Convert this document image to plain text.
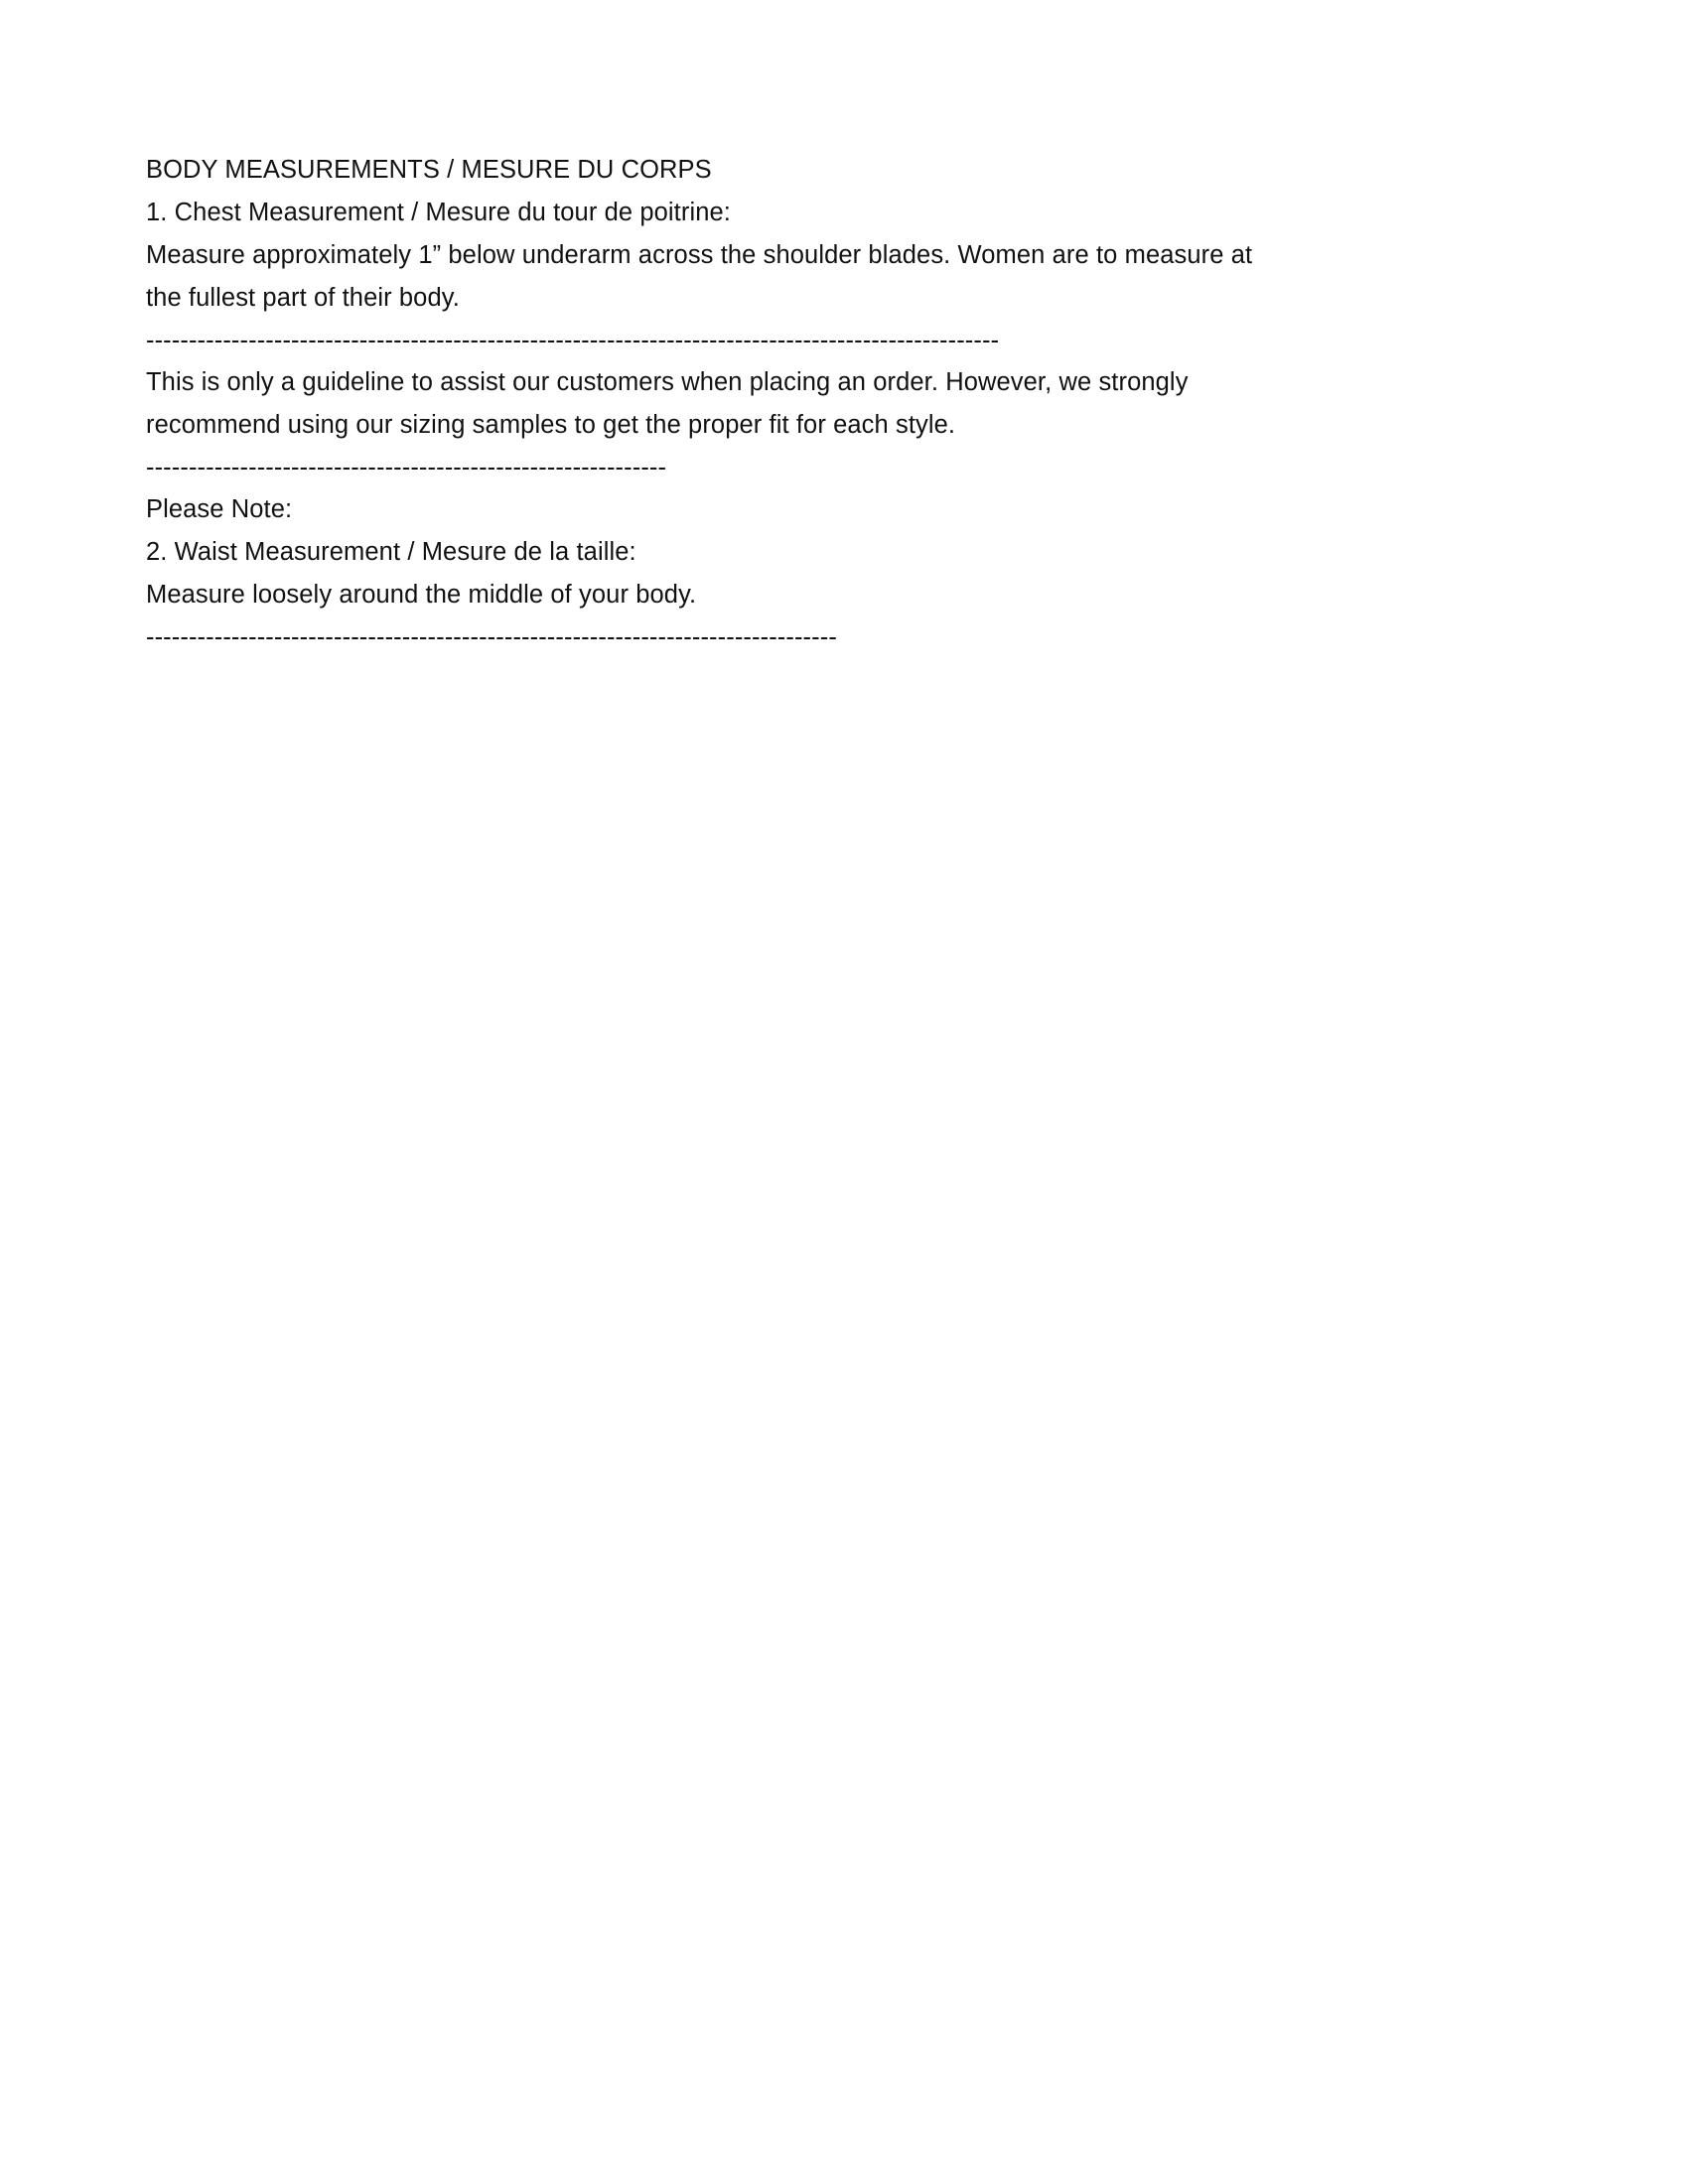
BODY MEASUREMENTS / MESURE DU CORPS
1. Chest Measurement / Mesure du tour de poitrine:
Measure approximately 1” below underarm across the shoulder blades. Women are to measure at the fullest part of their body.
----------------------------------------------------------------------------------------------------
This is only a guideline to assist our customers when placing an order. However, we strongly recommend using our sizing samples to get the proper fit for each style.
-------------------------------------------------------------
Please Note:
2. Waist Measurement / Mesure de la taille:
Measure loosely around the middle of your body.
---------------------------------------------------------------------------------
